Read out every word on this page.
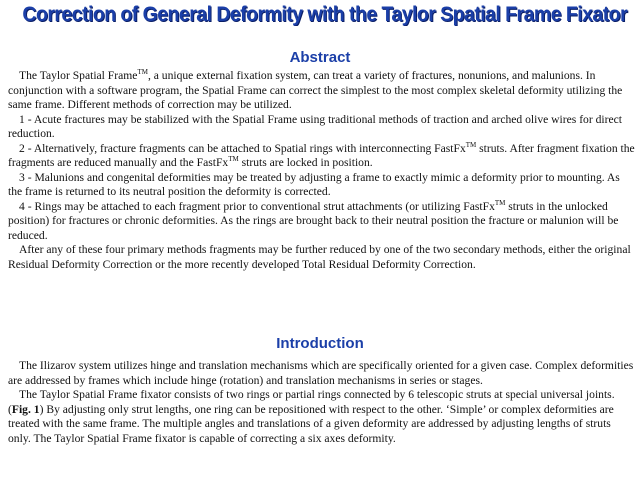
Correction of General Deformity with the Taylor Spatial Frame Fixator
Abstract

The Taylor Spatial Frame™, a unique external fixation system, can treat a variety of fractures, nonunions, and malunions. In conjunction with a software program, the Spatial Frame can correct the simplest to the most complex skeletal deformity utilizing the same frame. Different methods of correction may be utilized.

1 - Acute fractures may be stabilized with the Spatial Frame using traditional methods of traction and arched olive wires for direct reduction.

2 - Alternatively, fracture fragments can be attached to Spatial rings with interconnecting FastFx™ struts. After fragment fixation the fragments are reduced manually and the FastFx™ struts are locked in position.

3 - Malunions and congenital deformities may be treated by adjusting a frame to exactly mimic a deformity prior to mounting. As the frame is returned to its neutral position the deformity is corrected.

4 - Rings may be attached to each fragment prior to conventional strut attachments (or utilizing FastFx™ struts in the unlocked position) for fractures or chronic deformities. As the rings are brought back to their neutral position the fracture or malunion will be reduced.

After any of these four primary methods fragments may be further reduced by one of the two secondary methods, either the original Residual Deformity Correction or the more recently developed Total Residual Deformity Correction.

Introduction

The Ilizarov system utilizes hinge and translation mechanisms which are specifically oriented for a given case. Complex deformities are addressed by frames which include hinge (rotation) and translation mechanisms in series or stages.

The Taylor Spatial Frame fixator consists of two rings or partial rings connected by 6 telescopic struts at special universal joints. (Fig. 1) By adjusting only strut lengths, one ring can be repositioned with respect to the other. ‘Simple’ or complex deformities are treated with the same frame. The multiple angles and translations of a given deformity are addressed by adjusting lengths of struts only. The Taylor Spatial Frame fixator is capable of correcting a six axes deformity.
